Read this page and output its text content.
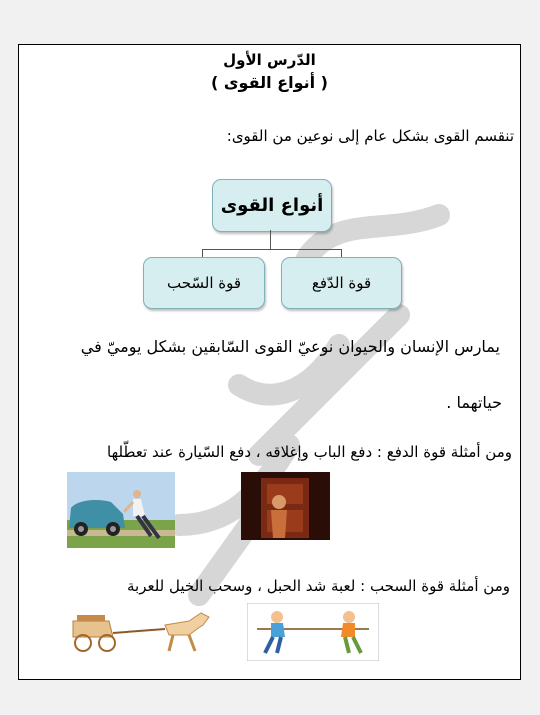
الدّرس الأول
( أنواع القوى )
تنقسم القوى بشكل عام إلى نوعين من القوى:
أنواع القوى
قوة الدّفع
قوة السّحب
يمارس الإنسان والحيوان نوعيّ القوى السّابقين بشكل يوميّ في
حياتهما .
ومن أمثلة قوة الدفع : دفع الباب وإغلاقه ، دفع السّيارة عند تعطّلها
ومن أمثلة قوة السحب : لعبة شد الحبل ، وسحب الخيل للعربة
